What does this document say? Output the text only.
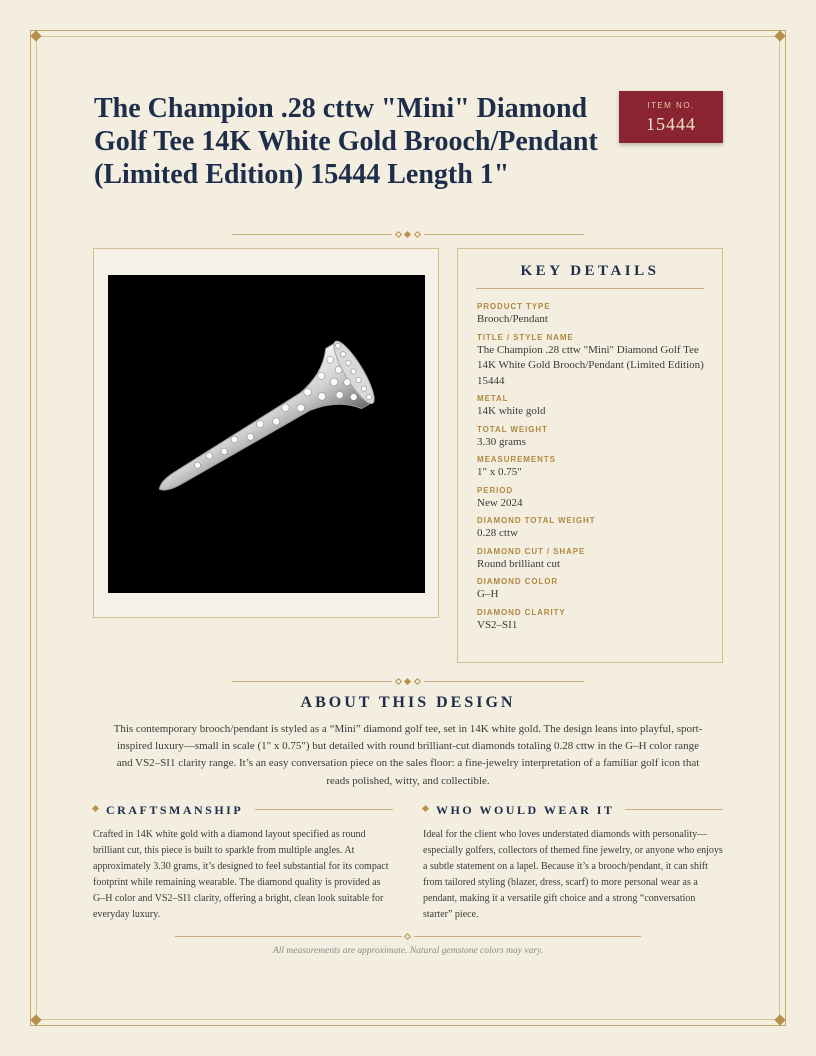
The Champion .28 cttw "Mini" Diamond Golf Tee 14K White Gold Brooch/Pendant (Limited Edition) 15444 Length 1"
ITEM NO.
15444
KEY DETAILS
PRODUCT TYPE
Brooch/Pendant
TITLE / STYLE NAME
The Champion .28 cttw "Mini" Diamond Golf Tee 14K White Gold Brooch/Pendant (Limited Edition) 15444
METAL
14K white gold
TOTAL WEIGHT
3.30 grams
MEASUREMENTS
1" x 0.75"
PERIOD
New 2024
DIAMOND TOTAL WEIGHT
0.28 cttw
DIAMOND CUT / SHAPE
Round brilliant cut
DIAMOND COLOR
G–H
DIAMOND CLARITY
VS2–SI1
ABOUT THIS DESIGN

This contemporary brooch/pendant is styled as a “Mini” diamond golf tee, set in 14K white gold. The design leans into playful, sport-inspired luxury—small in scale (1" x 0.75") but detailed with round brilliant-cut diamonds totaling 0.28 cttw in the G–H color range and VS2–SI1 clarity range. It’s an easy conversation piece on the sales floor: a fine-jewelry interpretation of a familiar golf icon that reads polished, witty, and collectible.

CRAFTSMANSHIP

Crafted in 14K white gold with a diamond layout specified as round brilliant cut, this piece is built to sparkle from multiple angles. At approximately 3.30 grams, it’s designed to feel substantial for its compact footprint while remaining wearable. The diamond quality is provided as G–H color and VS2–SI1 clarity, offering a bright, clean look suitable for everyday luxury.

WHO WOULD WEAR IT

Ideal for the client who loves understated diamonds with personality—especially golfers, collectors of themed fine jewelry, or anyone who enjoys a subtle statement on a lapel. Because it’s a brooch/pendant, it can shift from tailored styling (blazer, dress, scarf) to more personal wear as a pendant, making it a versatile gift choice and a strong “conversation starter” piece.

All measurements are approximate. Natural gemstone colors may vary.
